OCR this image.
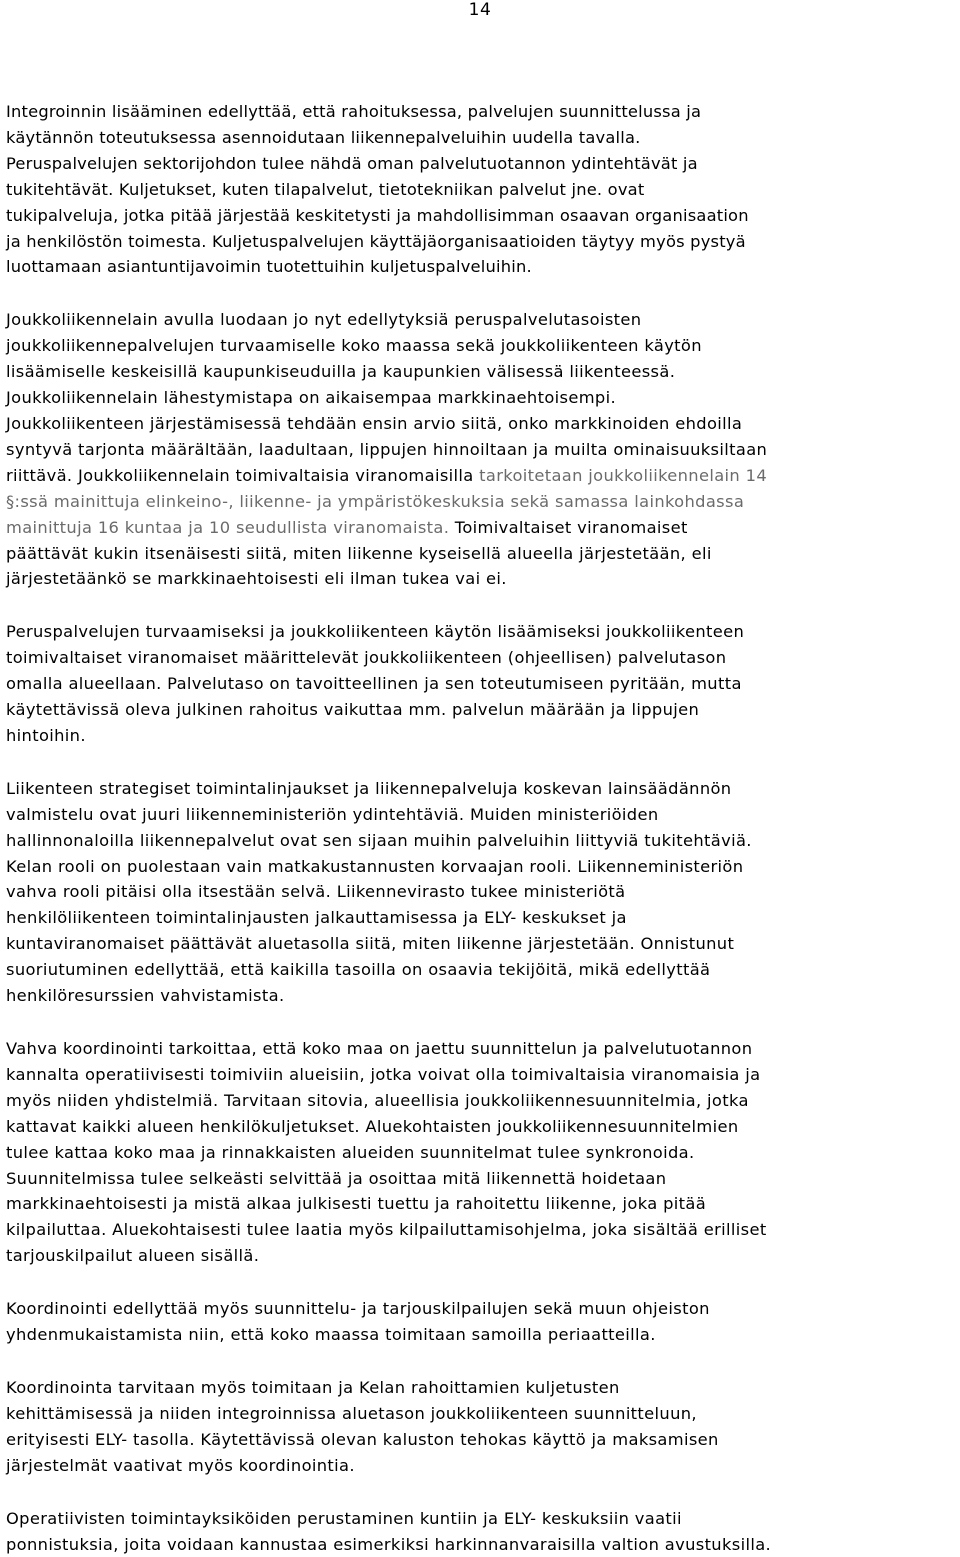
14
Integroinnin lisääminen edellyttää, että rahoituksessa, palvelujen suunnittelussa ja
käytännön toteutuksessa asennoidutaan liikennepalveluihin uudella tavalla.
Peruspalvelujen sektorijohdon tulee nähdä oman palvelutuotannon ydintehtävät ja
tukitehtävät. Kuljetukset, kuten tilapalvelut, tietotekniikan palvelut jne. ovat
tukipalveluja, jotka pitää järjestää keskitetysti ja mahdollisimman osaavan organisaation
ja henkilöstön toimesta. Kuljetuspalvelujen käyttäjäorganisaatioiden täytyy myös pystyä
luottamaan asiantuntijavoimin tuotettuihin kuljetuspalveluihin.
Joukkoliikennelain avulla luodaan jo nyt edellytyksiä peruspalvelutasoisten
joukkoliikennepalvelujen turvaamiselle koko maassa sekä joukkoliikenteen käytön
lisäämiselle keskeisillä kaupunkiseuduilla ja kaupunkien välisessä liikenteessä.
Joukkoliikennelain lähestymistapa on aikaisempaa markkinaehtoisempi.
Joukkoliikenteen järjestämisessä tehdään ensin arvio siitä, onko markkinoiden ehdoilla
syntyvä tarjonta määrältään, laadultaan, lippujen hinnoiltaan ja muilta ominaisuuksiltaan
riittävä. Joukkoliikennelain toimivaltaisia viranomaisilla tarkoitetaan joukkoliikennelain 14
§:ssä mainittuja elinkeino-, liikenne- ja ympäristökeskuksia sekä samassa lainkohdassa
mainittuja 16 kuntaa ja 10 seudullista viranomaista. Toimivaltaiset viranomaiset
päättävät kukin itsenäisesti siitä, miten liikenne kyseisellä alueella järjestetään, eli
järjestetäänkö se markkinaehtoisesti eli ilman tukea vai ei.
Peruspalvelujen turvaamiseksi ja joukkoliikenteen käytön lisäämiseksi joukkoliikenteen
toimivaltaiset viranomaiset määrittelevät joukkoliikenteen (ohjeellisen) palvelutason
omalla alueellaan. Palvelutaso on tavoitteellinen ja sen toteutumiseen pyritään, mutta
käytettävissä oleva julkinen rahoitus vaikuttaa mm. palvelun määrään ja lippujen
hintoihin.
Liikenteen strategiset toimintalinjaukset ja liikennepalveluja koskevan lainsäädännön
valmistelu ovat juuri liikenneministeriön ydintehtäviä. Muiden ministeriöiden
hallinnonaloilla liikennepalvelut ovat sen sijaan muihin palveluihin liittyviä tukitehtäviä.
Kelan rooli on puolestaan vain matkakustannusten korvaajan rooli. Liikenneministeriön
vahva rooli pitäisi olla itsestään selvä. Liikennevirasto tukee ministeriötä
henkilöliikenteen toimintalinjausten jalkauttamisessa ja ELY- keskukset ja
kuntaviranomaiset päättävät aluetasolla siitä, miten liikenne järjestetään. Onnistunut
suoriutuminen edellyttää, että kaikilla tasoilla on osaavia tekijöitä, mikä edellyttää
henkilöresurssien vahvistamista.
Vahva koordinointi tarkoittaa, että koko maa on jaettu suunnittelun ja palvelutuotannon
kannalta operatiivisesti toimiviin alueisiin, jotka voivat olla toimivaltaisia viranomaisia ja
myös niiden yhdistelmiä. Tarvitaan sitovia, alueellisia joukkoliikennesuunnitelmia, jotka
kattavat kaikki alueen henkilökuljetukset. Aluekohtaisten joukkoliikennesuunnitelmien
tulee kattaa koko maa ja rinnakkaisten alueiden suunnitelmat tulee synkronoida.
Suunnitelmissa tulee selkeästi selvittää ja osoittaa mitä liikennettä hoidetaan
markkinaehtoisesti ja mistä alkaa julkisesti tuettu ja rahoitettu liikenne, joka pitää
kilpailuttaa. Aluekohtaisesti tulee laatia myös kilpailuttamisohjelma, joka sisältää erilliset
tarjouskilpailut alueen sisällä.
Koordinointi edellyttää myös suunnittelu- ja tarjouskilpailujen sekä muun ohjeiston
yhdenmukaistamista niin, että koko maassa toimitaan samoilla periaatteilla.
Koordinointa tarvitaan myös toimitaan ja Kelan rahoittamien kuljetusten
kehittämisessä ja niiden integroinnissa aluetason joukkoliikenteen suunnitteluun,
erityisesti ELY- tasolla. Käytettävissä olevan kaluston tehokas käyttö ja maksamisen
järjestelmät vaativat myös koordinointia.
Operatiivisten toimintayksiköiden perustaminen kuntiin ja ELY- keskuksiin vaatii
ponnistuksia, joita voidaan kannustaa esimerkiksi harkinnanvaraisilla valtion avustuksilla.
